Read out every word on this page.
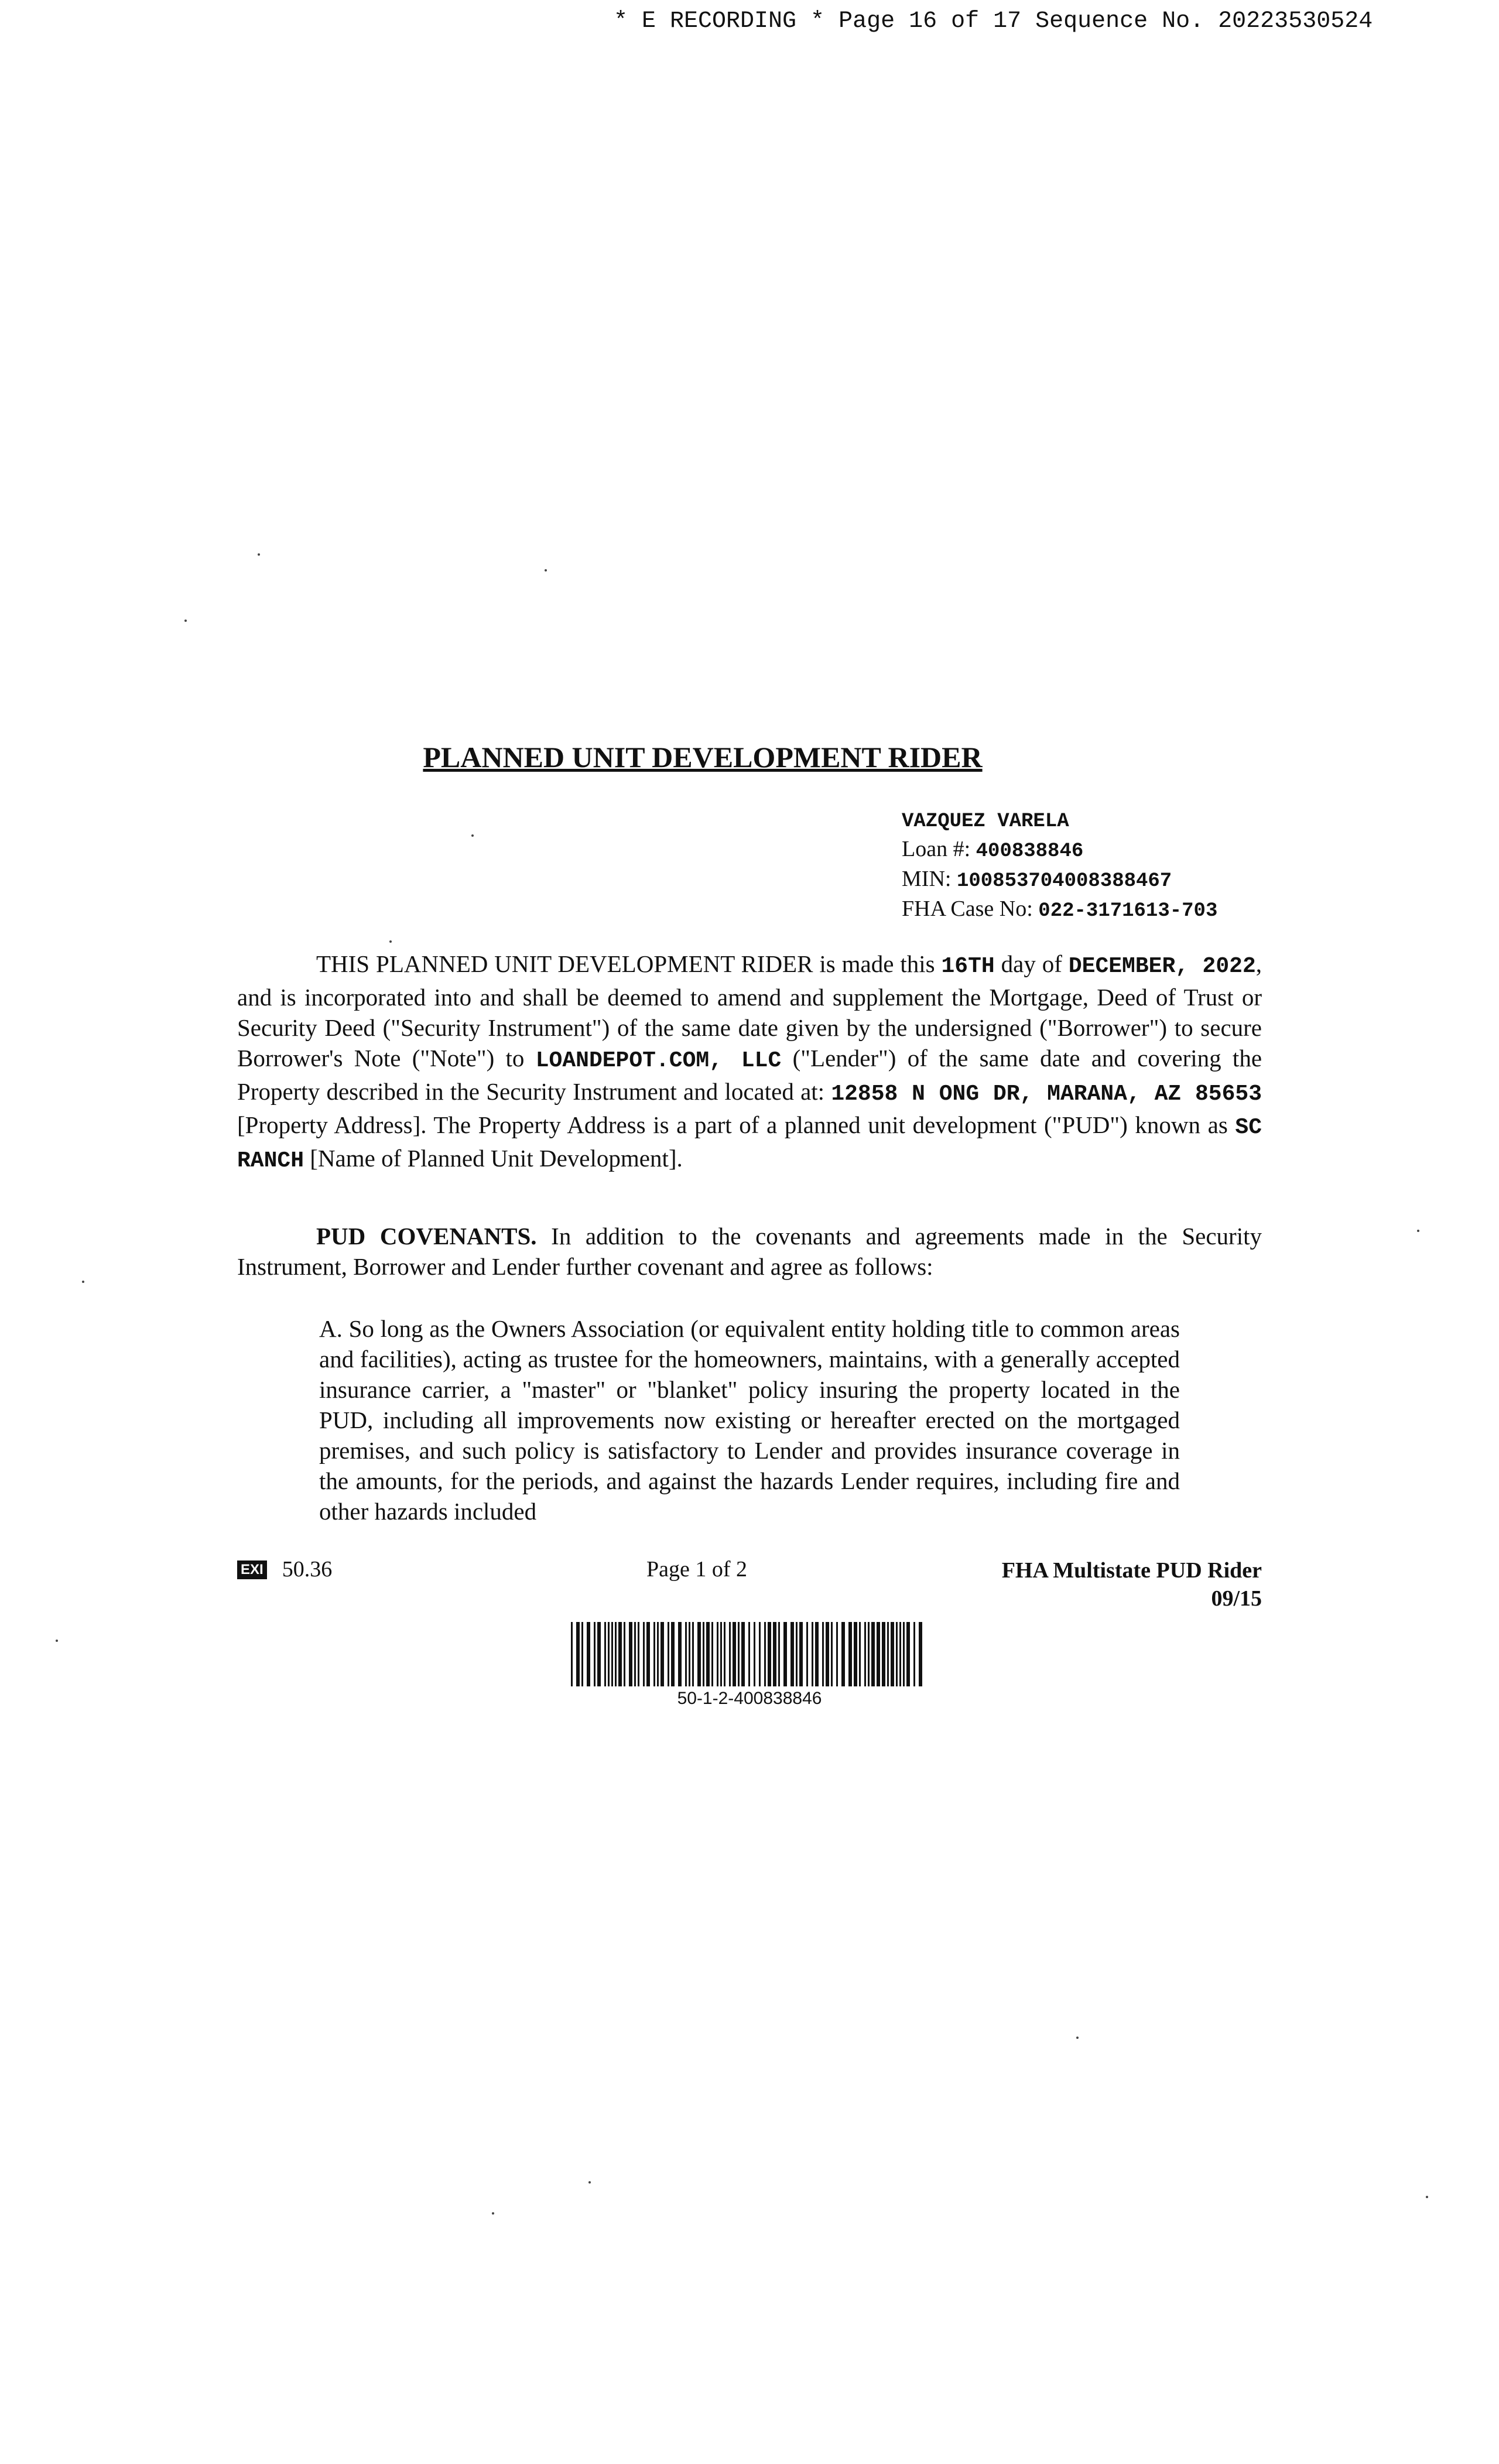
* E RECORDING * Page 16 of 17 Sequence No. 20223530524
PLANNED UNIT DEVELOPMENT RIDER
VAZQUEZ VARELA
Loan #: 400838846
MIN: 100853704008388467
FHA Case No: 022-3171613-703
THIS PLANNED UNIT DEVELOPMENT RIDER is made this 16TH day of DECEMBER, 2022, and is incorporated into and shall be deemed to amend and supplement the Mortgage, Deed of Trust or Security Deed ("Security Instrument") of the same date given by the undersigned ("Borrower") to secure Borrower's Note ("Note") to LOANDEPOT.COM, LLC ("Lender") of the same date and covering the Property described in the Security Instrument and located at: 12858 N ONG DR, MARANA, AZ 85653 [Property Address]. The Property Address is a part of a planned unit development ("PUD") known as SC RANCH [Name of Planned Unit Development].
PUD COVENANTS. In addition to the covenants and agreements made in the Security Instrument, Borrower and Lender further covenant and agree as follows:
A. So long as the Owners Association (or equivalent entity holding title to common areas and facilities), acting as trustee for the homeowners, maintains, with a generally accepted insurance carrier, a "master" or "blanket" policy insuring the property located in the PUD, including all improvements now existing or hereafter erected on the mortgaged premises, and such policy is satisfactory to Lender and provides insurance coverage in the amounts, for the periods, and against the hazards Lender requires, including fire and other hazards included
EXI 50.36	Page 1 of 2	FHA Multistate PUD Rider
09/15
50-1-2-400838846
